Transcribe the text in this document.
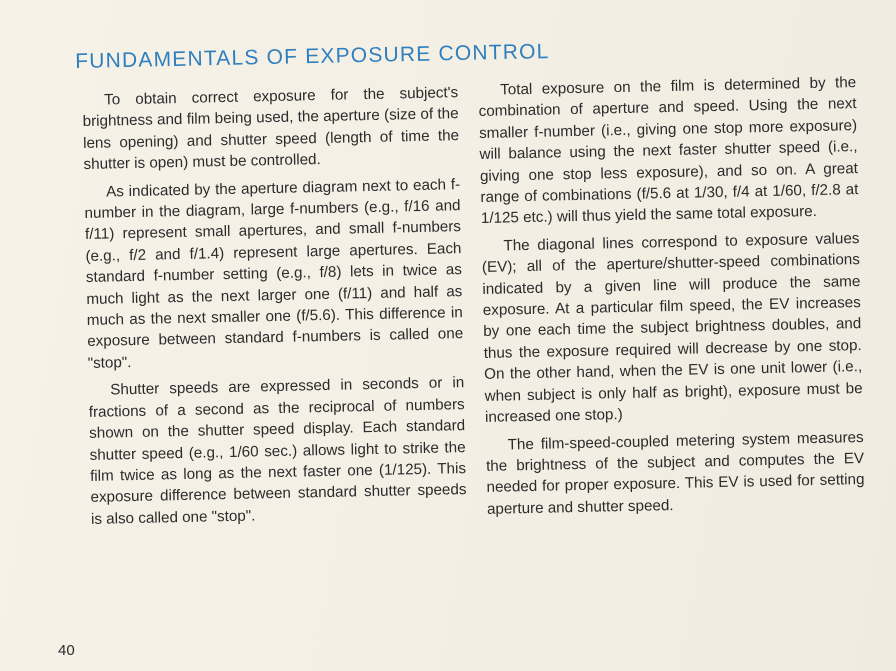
FUNDAMENTALS OF EXPOSURE CONTROL

To obtain correct exposure for the subject's brightness and film being used, the aperture (size of the lens opening) and shutter speed (length of time the shutter is open) must be controlled.

As indicated by the aperture diagram next to each f-number in the diagram, large f-numbers (e.g., f/16 and f/11) represent small apertures, and small f-numbers (e.g., f/2 and f/1.4) represent large apertures. Each standard f-number setting (e.g., f/8) lets in twice as much light as the next larger one (f/11) and half as much as the next smaller one (f/5.6). This difference in exposure between standard f-numbers is called one "stop".

Shutter speeds are expressed in seconds or in fractions of a second as the reciprocal of numbers shown on the shutter speed display. Each standard shutter speed (e.g., 1/60 sec.) allows light to strike the film twice as long as the next faster one (1/125). This exposure difference between standard shutter speeds is also called one "stop".

Total exposure on the film is determined by the combination of aperture and speed. Using the next smaller f-number (i.e., giving one stop more exposure) will balance using the next faster shutter speed (i.e., giving one stop less exposure), and so on. A great range of combinations (f/5.6 at 1/30, f/4 at 1/60, f/2.8 at 1/125 etc.) will thus yield the same total exposure.

The diagonal lines correspond to exposure values (EV); all of the aperture/shutter-speed combinations indicated by a given line will produce the same exposure. At a particular film speed, the EV increases by one each time the subject brightness doubles, and thus the exposure required will decrease by one stop. On the other hand, when the EV is one unit lower (i.e., when subject is only half as bright), exposure must be increased one stop.)

The film-speed-coupled metering system measures the brightness of the subject and computes the EV needed for proper exposure. This EV is used for setting aperture and shutter speed.

40
